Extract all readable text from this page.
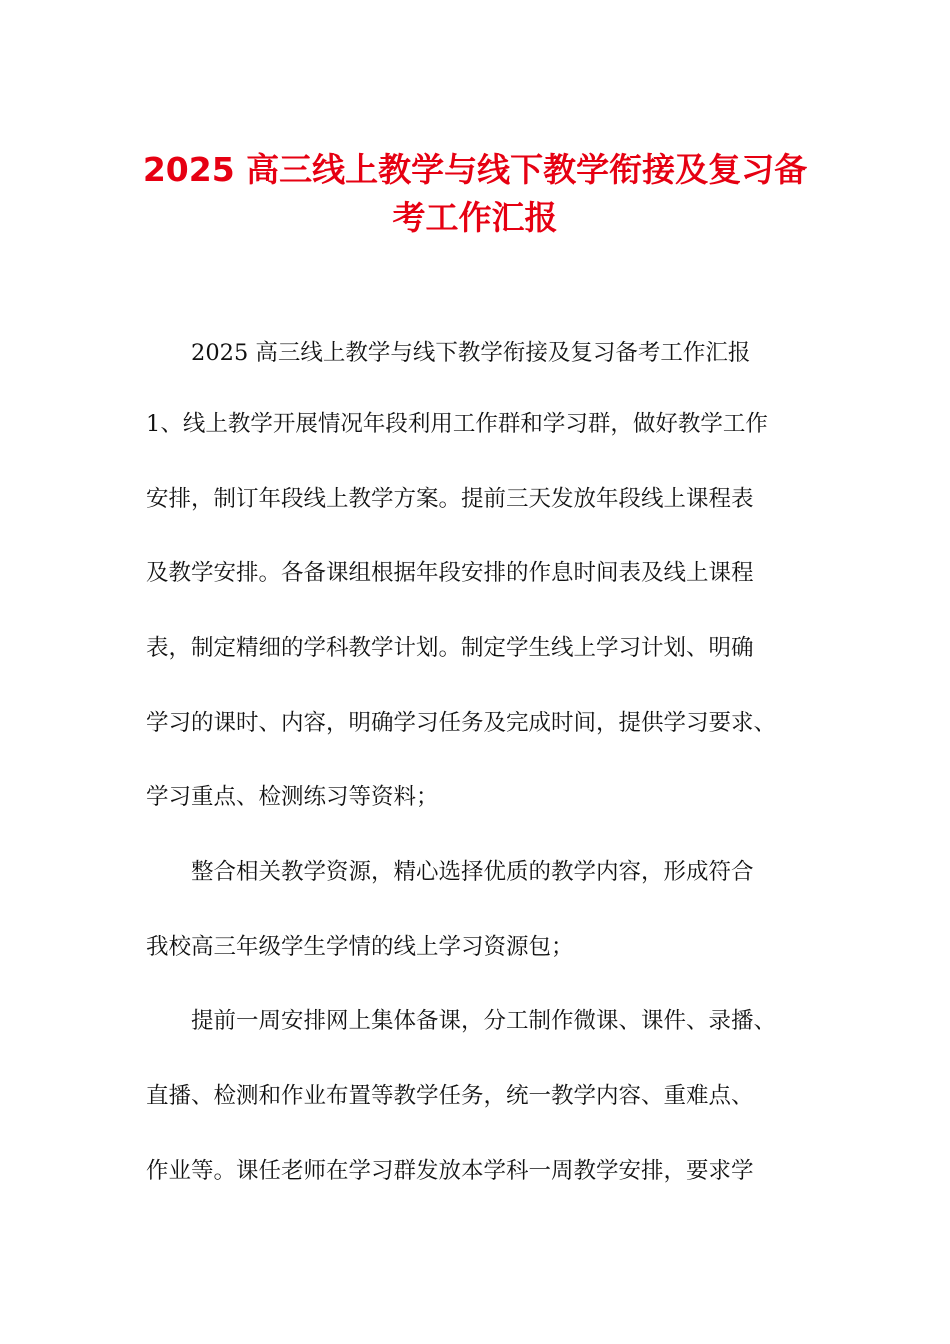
2025 高三线上教学与线下教学衔接及复习备
考工作汇报

2025 高三线上教学与线下教学衔接及复习备考工作汇报

1、线上教学开展情况年段利用工作群和学习群，做好教学工作

安排，制订年段线上教学方案。提前三天发放年段线上课程表

及教学安排。各备课组根据年段安排的作息时间表及线上课程

表，制定精细的学科教学计划。制定学生线上学习计划、明确

学习的课时、内容，明确学习任务及完成时间，提供学习要求、

学习重点、检测练习等资料；

整合相关教学资源，精心选择优质的教学内容，形成符合

我校高三年级学生学情的线上学习资源包；

提前一周安排网上集体备课，分工制作微课、课件、录播、

直播、检测和作业布置等教学任务，统一教学内容、重难点、

作业等。课任老师在学习群发放本学科一周教学安排，要求学
